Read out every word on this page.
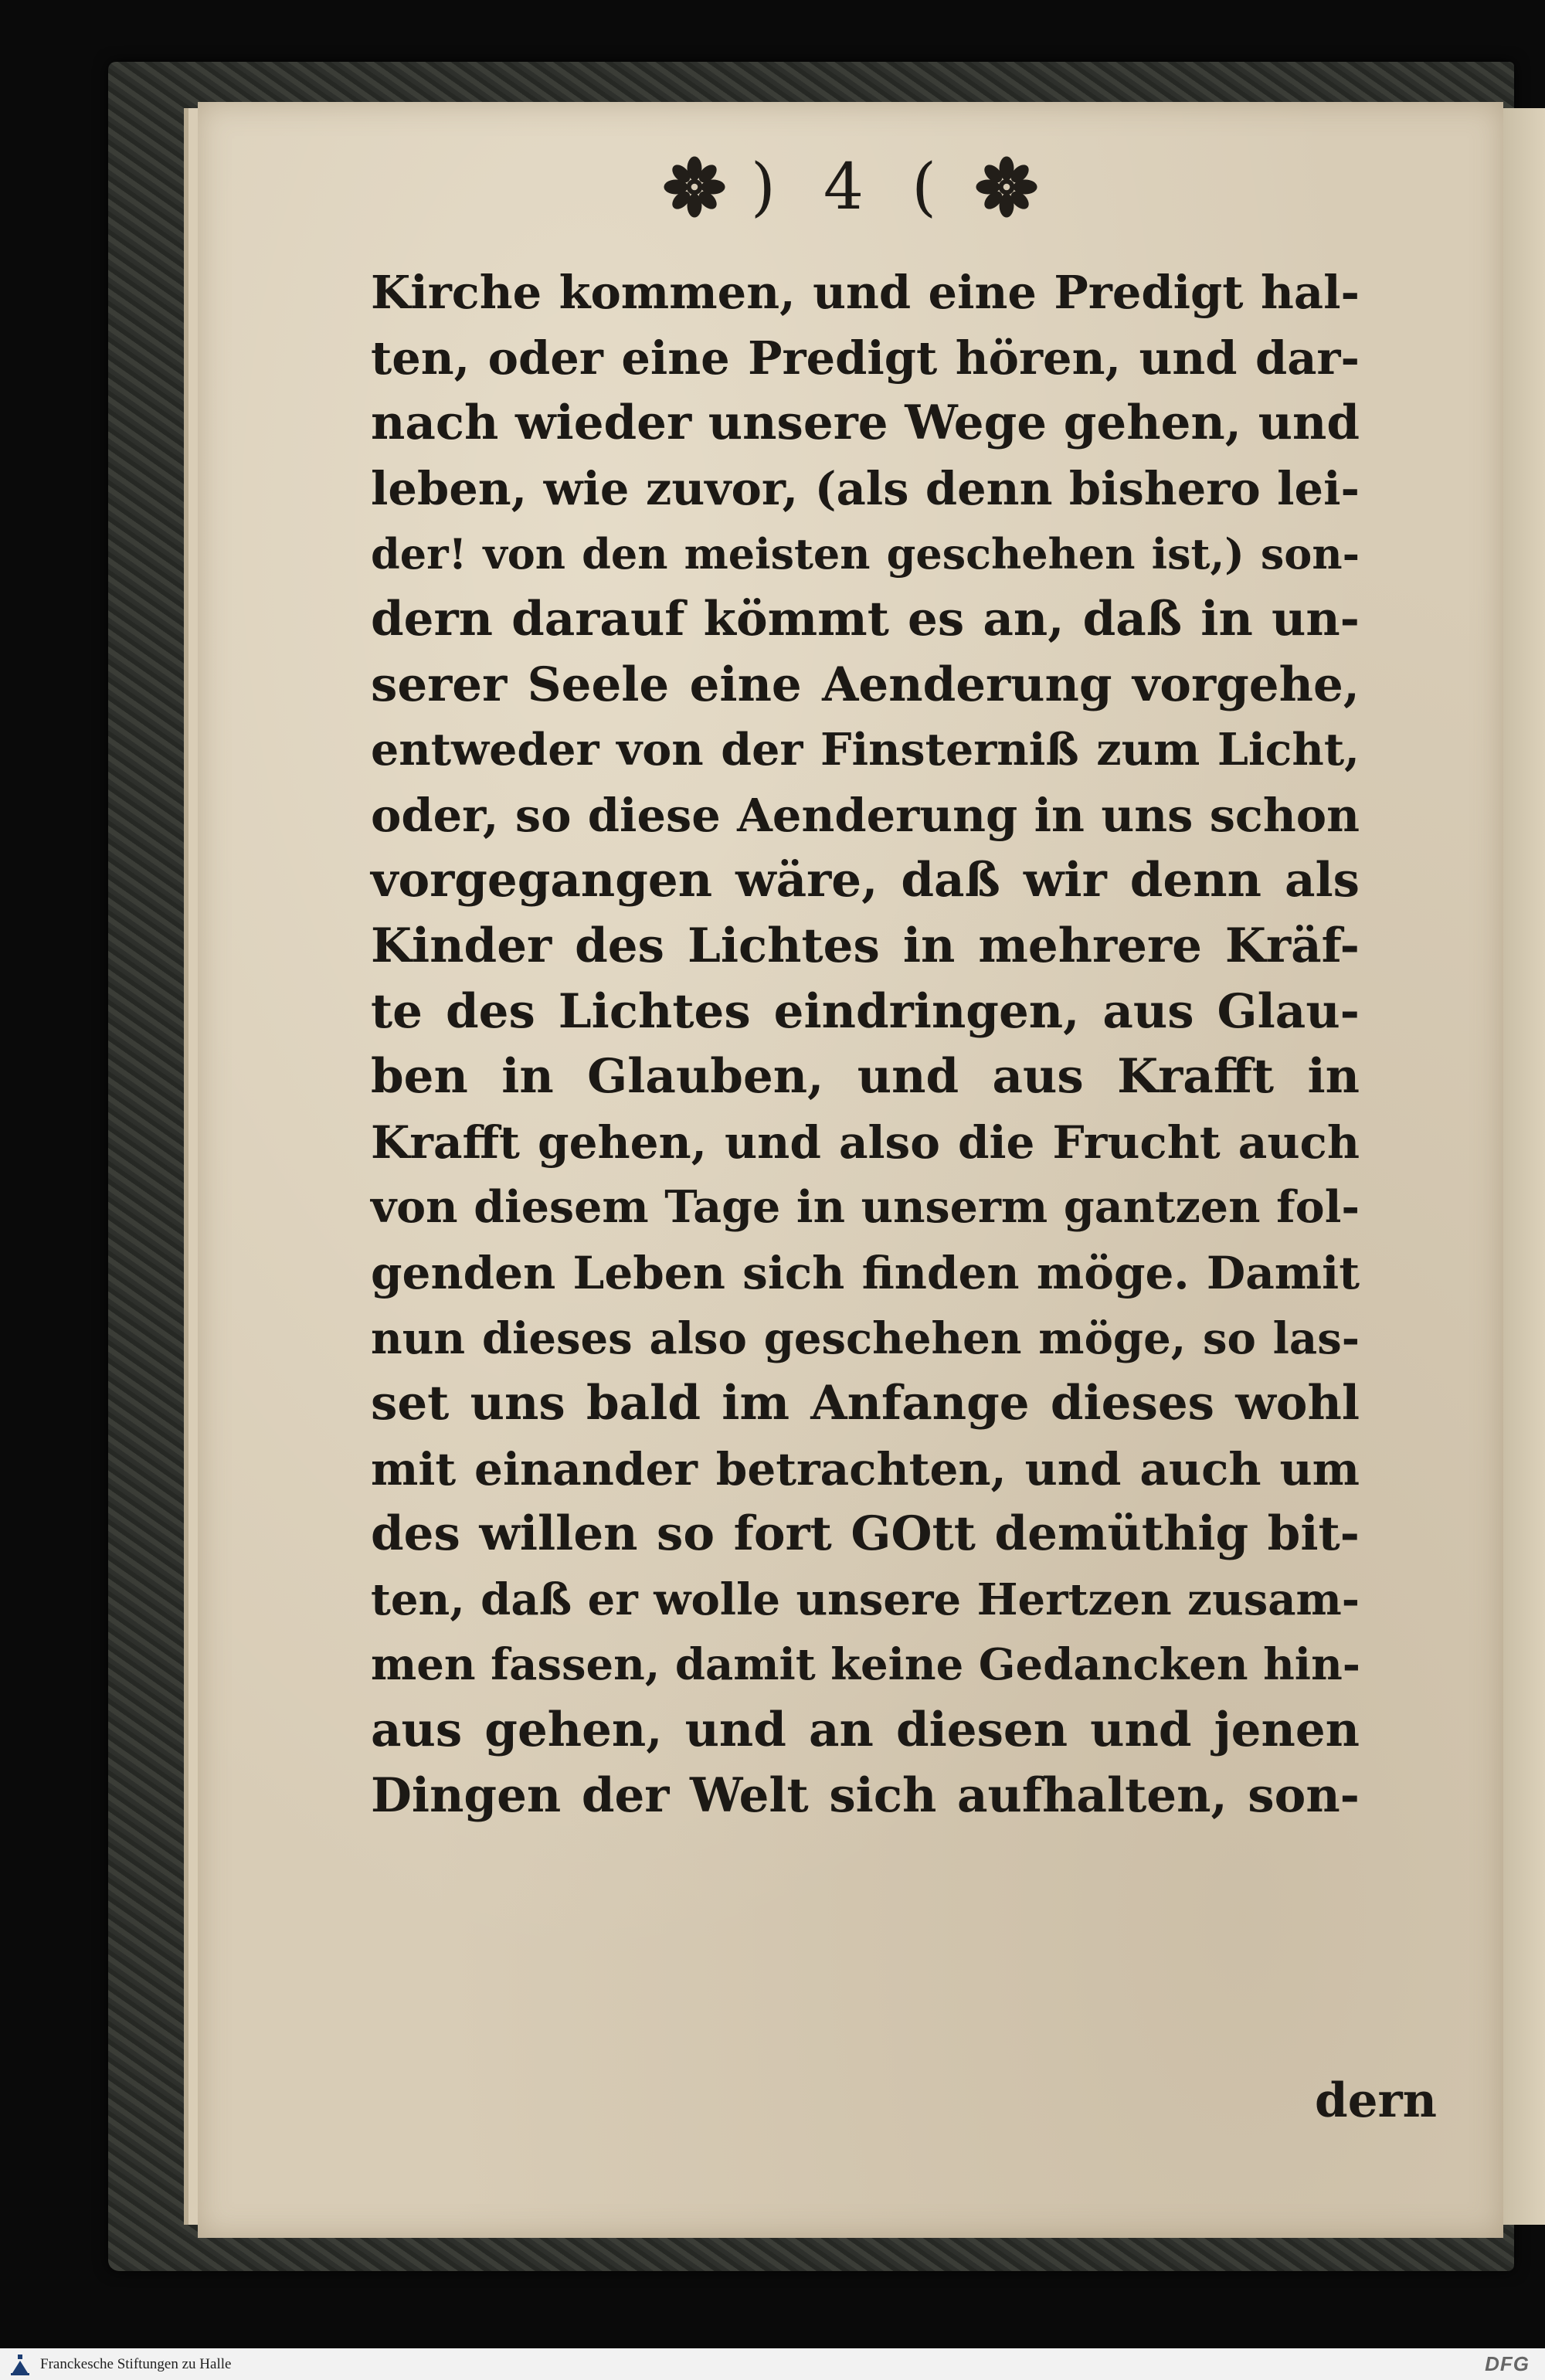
) 4 (
Kirche kommen, und eine Predigt hal-
ten, oder eine Predigt hören, und dar-
nach wieder unsere Wege gehen, und
leben, wie zuvor, (als denn bishero lei-
der! von den meisten geschehen ist,) son-
dern darauf kömmt es an, daß in un-
serer Seele eine Aenderung vorgehe,
entweder von der Finsterniß zum Licht,
oder, so diese Aenderung in uns schon
vorgegangen wäre, daß wir denn als
Kinder des Lichtes in mehrere Kräf-
te des Lichtes eindringen, aus Glau-
ben in Glauben, und aus Krafft in
Krafft gehen, und also die Frucht auch
von diesem Tage in unserm gantzen fol-
genden Leben sich finden möge. Damit
nun dieses also geschehen möge, so las-
set uns bald im Anfange dieses wohl
mit einander betrachten, und auch um
des willen so fort GOtt demüthig bit-
ten, daß er wolle unsere Hertzen zusam-
men fassen, damit keine Gedancken hin-
aus gehen, und an diesen und jenen
Dingen der Welt sich aufhalten, son-
dern
Franckesche Stiftungen zu Halle	DFG
